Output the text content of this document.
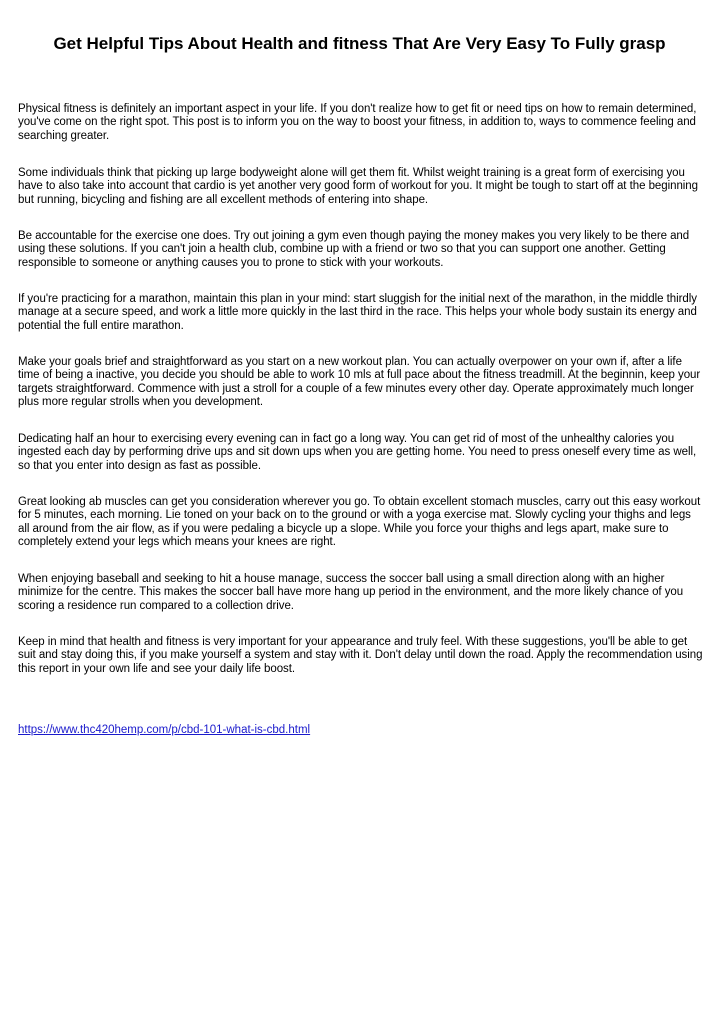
Get Helpful Tips About Health and fitness That Are Very Easy To Fully grasp

Physical fitness is definitely an important aspect in your life. If you don't realize how to get fit or need tips on how to remain determined, you've come on the right spot. This post is to inform you on the way to boost your fitness, in addition to, ways to commence feeling and searching greater.

Some individuals think that picking up large bodyweight alone will get them fit. Whilst weight training is a great form of exercising you have to also take into account that cardio is yet another very good form of workout for you. It might be tough to start off at the beginning but running, bicycling and fishing are all excellent methods of entering into shape.

Be accountable for the exercise one does. Try out joining a gym even though paying the money makes you very likely to be there and using these solutions. If you can't join a health club, combine up with a friend or two so that you can support one another. Getting responsible to someone or anything causes you to prone to stick with your workouts.

If you're practicing for a marathon, maintain this plan in your mind: start sluggish for the initial next of the marathon, in the middle thirdly manage at a secure speed, and work a little more quickly in the last third in the race. This helps your whole body sustain its energy and potential the full entire marathon.

Make your goals brief and straightforward as you start on a new workout plan. You can actually overpower on your own if, after a life time of being a inactive, you decide you should be able to work 10 mls at full pace about the fitness treadmill. At the beginnin, keep your targets straightforward. Commence with just a stroll for a couple of a few minutes every other day. Operate approximately much longer plus more regular strolls when you development.

Dedicating half an hour to exercising every evening can in fact go a long way. You can get rid of most of the unhealthy calories you ingested each day by performing drive ups and sit down ups when you are getting home. You need to press oneself every time as well, so that you enter into design as fast as possible.

Great looking ab muscles can get you consideration wherever you go. To obtain excellent stomach muscles, carry out this easy workout for 5 minutes, each morning. Lie toned on your back on to the ground or with a yoga exercise mat. Slowly cycling your thighs and legs all around from the air flow, as if you were pedaling a bicycle up a slope. While you force your thighs and legs apart, make sure to completely extend your legs which means your knees are right.

When enjoying baseball and seeking to hit a house manage, success the soccer ball using a small direction along with an higher minimize for the centre. This makes the soccer ball have more hang up period in the environment, and the more likely chance of you scoring a residence run compared to a collection drive.

Keep in mind that health and fitness is very important for your appearance and truly feel. With these suggestions, you'll be able to get suit and stay doing this, if you make yourself a system and stay with it. Don't delay until down the road. Apply the recommendation using this report in your own life and see your daily life boost.

https://www.thc420hemp.com/p/cbd-101-what-is-cbd.html
